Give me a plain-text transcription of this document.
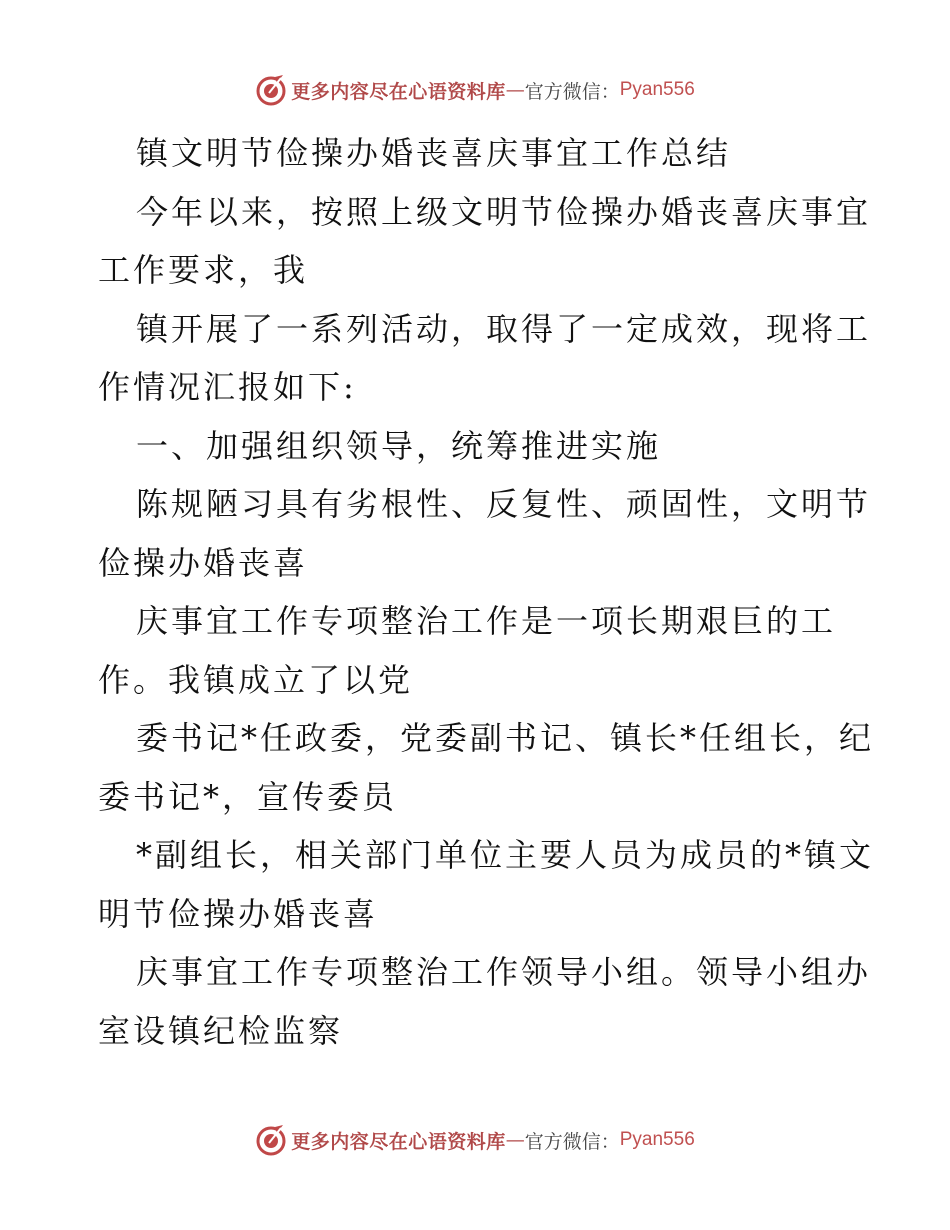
更多内容尽在心语资料库 — 官方微信： Pyan556
镇文明节俭操办婚丧喜庆事宜工作总结
今年以来，按照上级文明节俭操办婚丧喜庆事宜
工作要求，我
镇开展了一系列活动，取得了一定成效，现将工
作情况汇报如下:
一、加强组织领导，统筹推进实施
陈规陋习具有劣根性、反复性、顽固性，文明节
俭操办婚丧喜
庆事宜工作专项整治工作是一项长期艰巨的工
作。我镇成立了以党
委书记*任政委，党委副书记、镇长*任组长，纪
委书记*，宣传委员
*副组长，相关部门单位主要人员为成员的*镇文
明节俭操办婚丧喜
庆事宜工作专项整治工作领导小组。领导小组办
室设镇纪检监察
更多内容尽在心语资料库 — 官方微信： Pyan556
